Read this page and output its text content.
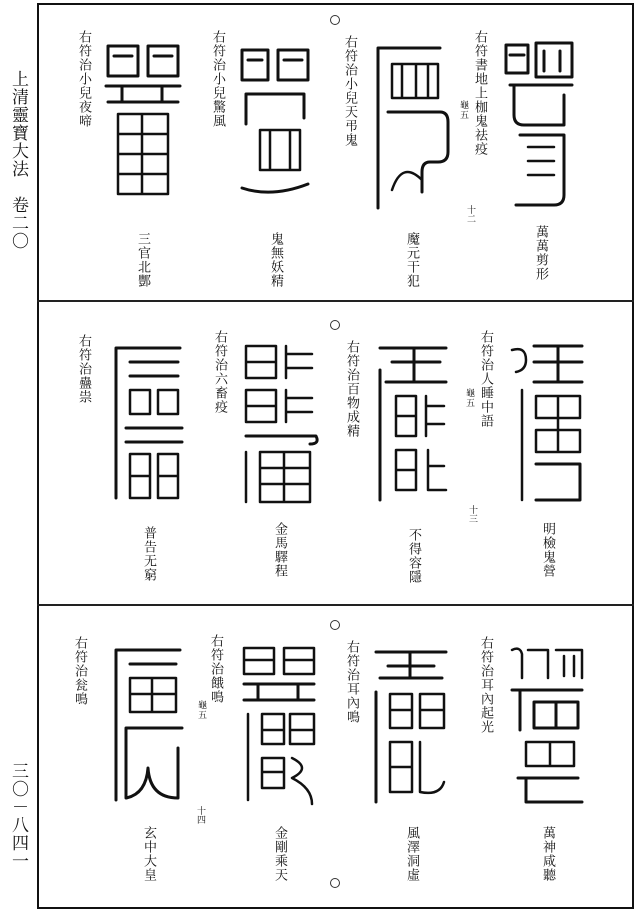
上清靈寶大法
卷二〇
三〇－八四一
右符書地上枷鬼祛疫
龜五
萬萬剪形
右符治小兒天弔鬼
魔元干犯
十二
右符治小兒驚風
鬼無妖精
右符治小兒夜啼
三官北酆
右符治人睡中語
龜五
明檢鬼營
右符治百物成精
不得容隱
十三
右符治六畜疫
金馬驛程
右符治蠱祟
普告无窮
右符治耳內起光
萬神咸聽
右符治耳內鳴
風澤洞虛
右符治餓鳴
龜五
金剛乘天
十四
右符治瓮鳴
玄中大皇
